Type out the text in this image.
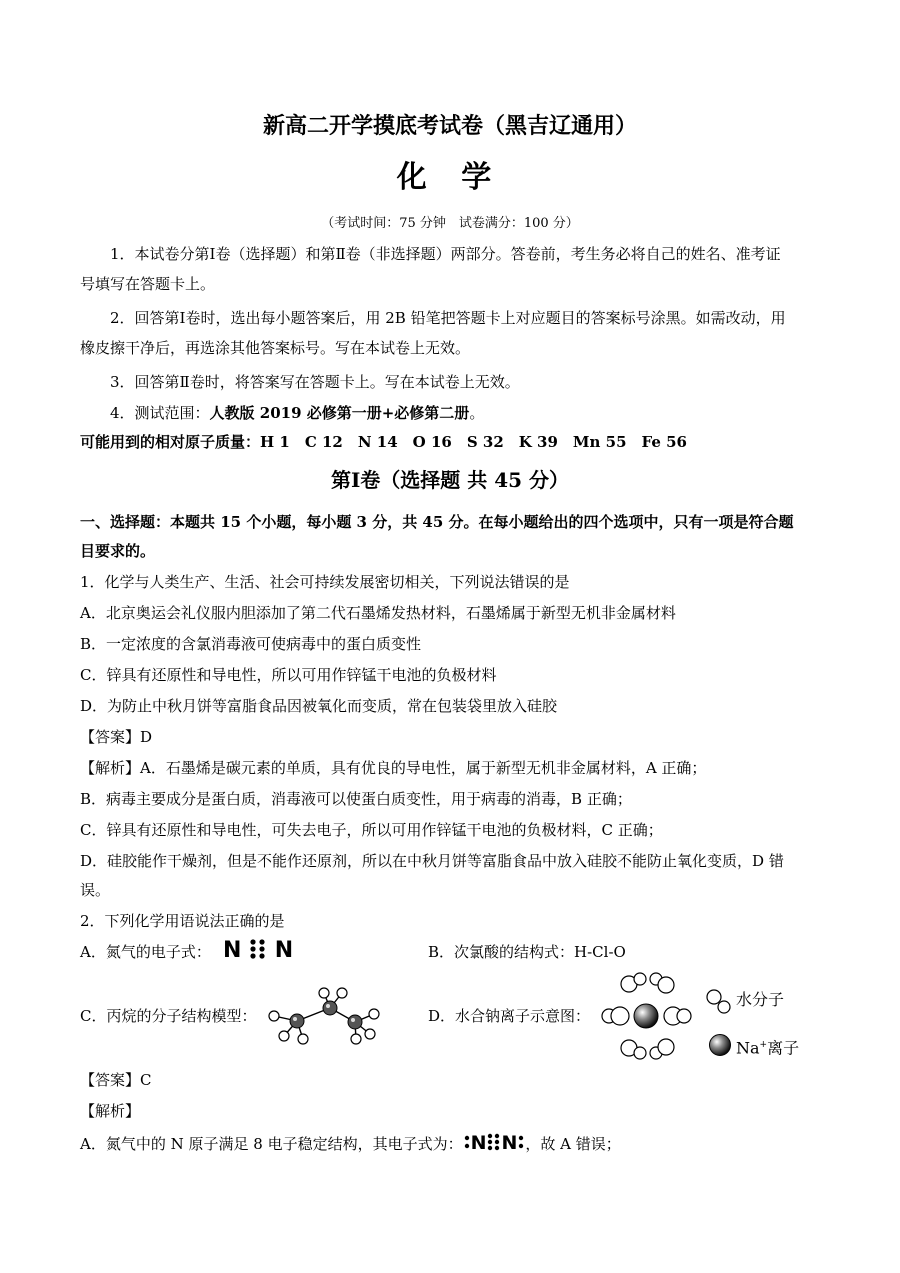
新高二开学摸底考试卷（黑吉辽通用）
化 学
（考试时间：75 分钟　试卷满分：100 分）
1．本试卷分第Ⅰ卷（选择题）和第Ⅱ卷（非选择题）两部分。答卷前，考生务必将自己的姓名、准考证
号填写在答题卡上。
2．回答第Ⅰ卷时，选出每小题答案后，用 2B 铅笔把答题卡上对应题目的答案标号涂黑。如需改动，用
橡皮擦干净后，再选涂其他答案标号。写在本试卷上无效。
3．回答第Ⅱ卷时，将答案写在答题卡上。写在本试卷上无效。
4．测试范围：人教版 2019 必修第一册+必修第二册。
可能用到的相对原子质量：H 1　C 12　N 14　O 16　S 32　K 39　Mn 55　Fe 56
第Ⅰ卷（选择题 共 45 分）
一、选择题：本题共 15 个小题，每小题 3 分，共 45 分。在每小题给出的四个选项中，只有一项是符合题
目要求的。
1．化学与人类生产、生活、社会可持续发展密切相关，下列说法错误的是
A．北京奥运会礼仪服内胆添加了第二代石墨烯发热材料，石墨烯属于新型无机非金属材料
B．一定浓度的含氯消毒液可使病毒中的蛋白质变性
C．锌具有还原性和导电性，所以可用作锌锰干电池的负极材料
D．为防止中秋月饼等富脂食品因被氧化而变质，常在包装袋里放入硅胶
【答案】D
【解析】A．石墨烯是碳元素的单质，具有优良的导电性，属于新型无机非金属材料，A 正确；
B．病毒主要成分是蛋白质，消毒液可以使蛋白质变性，用于病毒的消毒，B 正确；
C．锌具有还原性和导电性，可失去电子，所以可用作锌锰干电池的负极材料，C 正确；
D．硅胶能作干燥剂，但是不能作还原剂，所以在中秋月饼等富脂食品中放入硅胶不能防止氧化变质，D 错
误。
2．下列化学用语说法正确的是
A．氮气的电子式： N N	B．次氯酸的结构式：H-Cl-O
C．丙烷的分子结构模型：	D．水合钠离子示意图：
水分子
Na+离子
【答案】C
【解析】
A．氮气中的 N 原子满足 8 电子稳定结构，其电子式为： N N ，故 A 错误；
